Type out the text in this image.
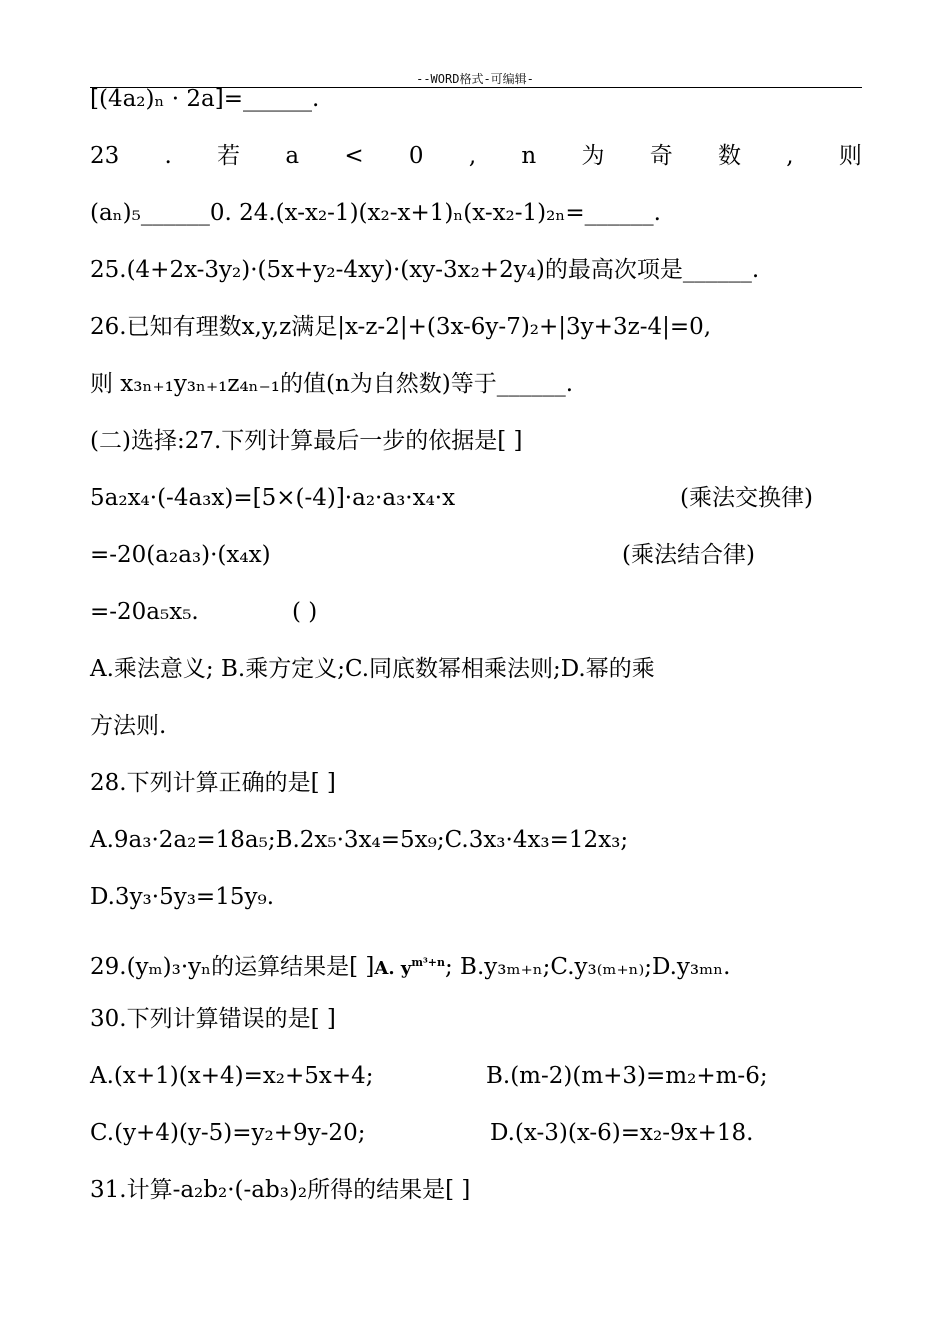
--WORD格式-可编辑-
[(4a₂)ₙ · 2a]=______.
23 . 若 a < 0 , n 为 奇 数 , 则
(aₙ)₅______0. 24.(x-x₂-1)(x₂-x+1)ₙ(x-x₂-1)₂ₙ=______.
25.(4+2x-3y₂)·(5x+y₂-4xy)·(xy-3x₂+2y₄)的最高次项是______.
26.已知有理数x,y,z满足|x-z-2|+(3x-6y-7)₂+|3y+3z-4|=0,
则 x₃ₙ₊₁y₃ₙ₊₁z₄ₙ₋₁的值(n为自然数)等于______.
(二)选择:27.下列计算最后一步的依据是[ ]
5a₂x₄·(-4a₃x)=[5×(-4)]·a₂·a₃·x₄·x	(乘法交换律)
=-20(a₂a₃)·(x₄x)	(乘法结合律)
=-20a₅x₅.	( )
A.乘法意义; B.乘方定义;C.同底数幂相乘法则;D.幂的乘
方法则.
28.下列计算正确的是[ ]
A.9a₃·2a₂=18a₅;B.2x₅·3x₄=5x₉;C.3x₃·4x₃=12x₃;
D.3y₃·5y₃=15y₉.
29.(yₘ)₃·yₙ的运算结果是[ ]A. $y^{m^3+n}$; B.y₃ₘ₊ₙ;C.y₃₍ₘ₊ₙ₎;D.y₃ₘₙ.
30.下列计算错误的是[ ]
A.(x+1)(x+4)=x₂+5x+4;	B.(m-2)(m+3)=m₂+m-6;
C.(y+4)(y-5)=y₂+9y-20;	D.(x-3)(x-6)=x₂-9x+18.
31.计算-a₂b₂·(-ab₃)₂所得的结果是[ ]
